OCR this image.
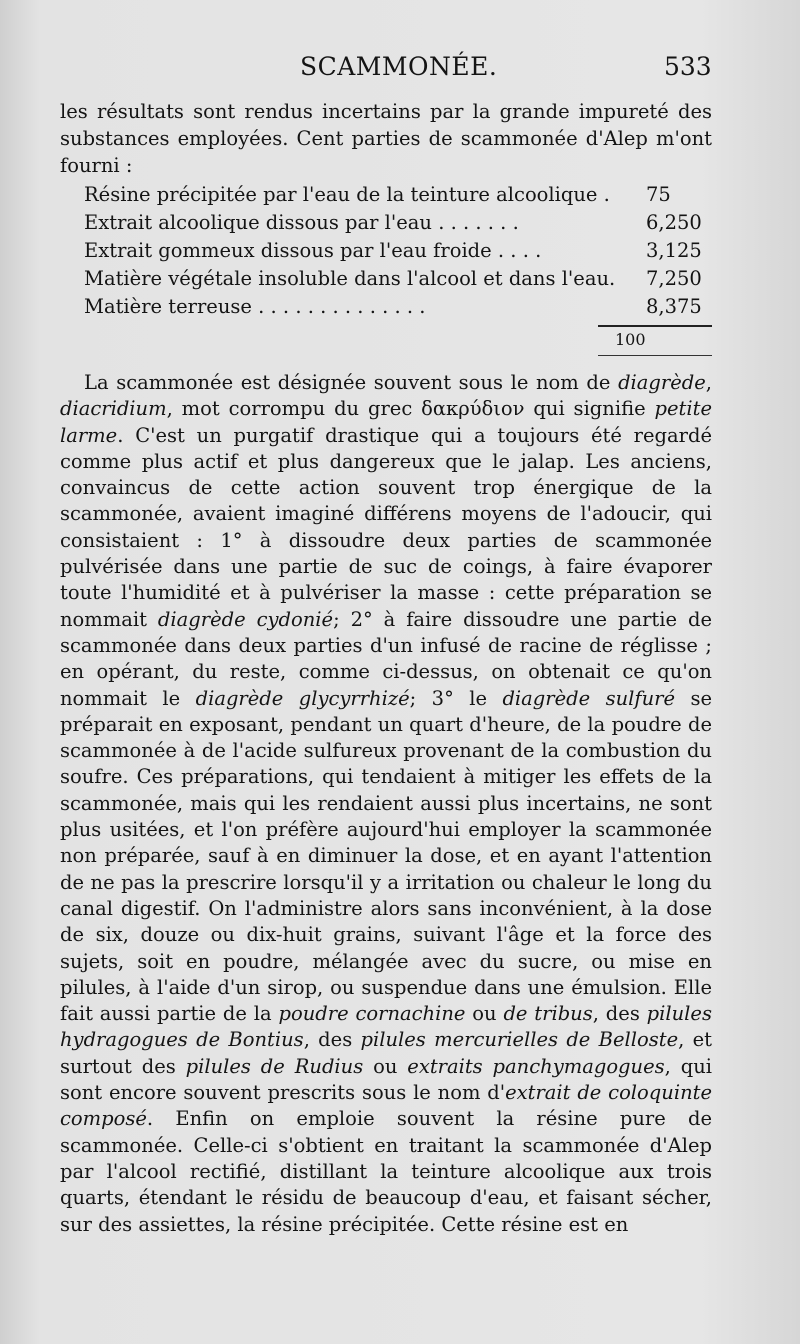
SCAMMONÉE.	533

les résultats sont rendus incertains par la grande impureté des substances employées. Cent parties de scammonée d'Alep m'ont fourni :

Résine précipitée par l'eau de la teinture alcoolique .	75
Extrait alcoolique dissous par l'eau . . . . . . .	6,250
Extrait gommeux dissous par l'eau froide . . . .	3,125
Matière végétale insoluble dans l'alcool et dans l'eau.	7,250
Matière terreuse . . . . . . . . . . . . . .	8,375
100

La scammonée est désignée souvent sous le nom de diagrède, diacridium, mot corrompu du grec δακρύδιον qui signifie petite larme. C'est un purgatif drastique qui a toujours été regardé comme plus actif et plus dangereux que le jalap. Les anciens, convaincus de cette action souvent trop énergique de la scammonée, avaient imaginé différens moyens de l'adoucir, qui consistaient : 1° à dissoudre deux parties de scammonée pulvérisée dans une partie de suc de coings, à faire évaporer toute l'humidité et à pulvériser la masse : cette préparation se nommait diagrède cydonié; 2° à faire dissoudre une partie de scammonée dans deux parties d'un infusé de racine de réglisse ; en opérant, du reste, comme ci-dessus, on obtenait ce qu'on nommait le diagrède glycyrrhizé; 3° le diagrède sulfuré se préparait en exposant, pendant un quart d'heure, de la poudre de scammonée à de l'acide sulfureux provenant de la combustion du soufre. Ces préparations, qui tendaient à mitiger les effets de la scammonée, mais qui les rendaient aussi plus incertains, ne sont plus usitées, et l'on préfère aujourd'hui employer la scammonée non préparée, sauf à en diminuer la dose, et en ayant l'attention de ne pas la prescrire lorsqu'il y a irritation ou chaleur le long du canal digestif. On l'administre alors sans inconvénient, à la dose de six, douze ou dix-huit grains, suivant l'âge et la force des sujets, soit en poudre, mélangée avec du sucre, ou mise en pilules, à l'aide d'un sirop, ou suspendue dans une émulsion. Elle fait aussi partie de la poudre cornachine ou de tribus, des pilules hydragogues de Bontius, des pilules mercurielles de Belloste, et surtout des pilules de Rudius ou extraits panchymagogues, qui sont encore souvent prescrits sous le nom d'extrait de coloquinte composé. Enfin on emploie souvent la résine pure de scammonée. Celle-ci s'obtient en traitant la scammonée d'Alep par l'alcool rectifié, distillant la teinture alcoolique aux trois quarts, étendant le résidu de beaucoup d'eau, et faisant sécher, sur des assiettes, la résine précipitée. Cette résine est en
